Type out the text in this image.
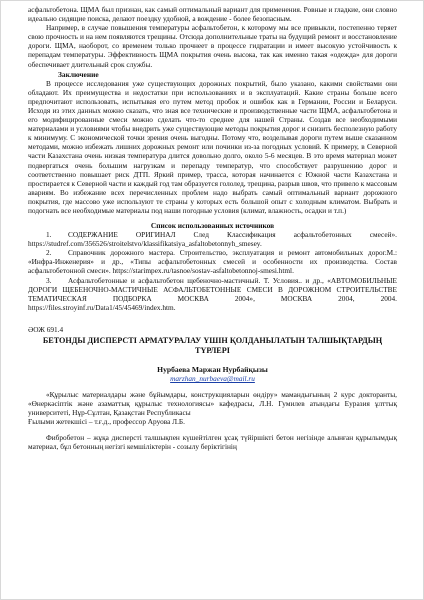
асфальтобетона. ЩМА был признан, как самый оптимальный вариант для применения. Ровные и гладкие, они словно идеально сидящие поиска, делают поездку удобной, а вождение - более безопасным.

Например, в случае повышения температуры асфальтобетон, к которому мы все привыкли, постепенно теряет свою прочность и на нем появляются трещины. Отсюда дополнительные траты на будущий ремонт и восстановление дороги. ЩМА, наоборот, со временем только прочнеет в процессе гидратации и имеет высокую устойчивость к перепадам температуры. Эффективность ЩМА покрытия очень высока, так как именно такая «одежда» для дороги обеспечивает длительный срок службы.

Заключение

В процессе исследования уже существующих дорожных покрытий, было указано, какими свойствами они обладают. Их преимущества и недостатки при использованиях и в эксплуатаций. Какие страны больше всего предпочитают использовать, испытывая его путем метод пробок и ошибок как в Германии, России и Беларуси. Исходя из этих данных можно сказать, что зная все технические и производственные части ЩМА, асфальтобетона и его модифицированные смеси можно сделать что-то среднее для нашей Страны. Создав все необходимыми материалами и условиями чтобы внедрить уже существующие методы покрытия дорог и снизить бесполезную работу к минимуму. С экономической точки зрения очень выгодны. Потому что, возделывая дороги путем выше сказанном методами, можно избежать лишних дорожных ремонт или починки из-за погодных условий. К примеру, в Северной части Казахстана очень низкая температура длится довольно долго, около 5-6 месяцев. В это время материал может подвергаться очень большим нагрузкам и перепаду температур, что способствует разрушению дорог и соответственно повышает риск ДТП. Яркий пример, трасса, которая начинается с Южной части Казахстана и простирается к Северной части и каждый год там образуется гололед, трещина, разрыв швов, что привело к массовым авариям. Во избежание всех перечисленных проблем надо выбрать самый оптимальный вариант дорожного покрытия, где массово уже используют те страны у которых есть большой опыт с холодным климатом. Выбрать и подогнать все необходимые материалы под наши погодные условия (климат, влажность, осадки и т.п.)

Список использованных источников

1. СОДЕРЖАНИЕ ОРИГИНАЛ След Классификация асфальтобетонных смесей». https://studref.com/356526/stroitelstvo/klassifikatsiya_asfaltobetonnyh_smesey.

2. Справочник дорожного мастера. Строительство, эксплуатация и ремонт автомобильных дорог.М.: «Инфра-Инженерия» и др., «Типы асфальтобетонных смесей и особенности их производства. Состав асфальтобетонной смеси». https://starimpex.ru/tasnoe/sostav-asfaltobetonnoj-smesi.html.

3. Асфальтобетонные и асфальтобетон щебеночно-мастичный. Т. Условия.. и др., «АВТОМОБИЛЬНЫЕ ДОРОГИ ЩЕБЕНОЧНО-МАСТИЧНЫЕ АСФАЛЬТОБЕТОННЫЕ СМЕСИ В ДОРОЖНОМ СТРОИТЕЛЬСТВЕ ТЕМАТИЧЕСКАЯ ПОДБОРКА МОСКВА 2004», МОСКВА 2004, 2004. https://files.stroyinf.ru/Data1/45/45469/index.htm.

ӘОЖ 691.4

БЕТОНДЫ ДИСПЕРСТІ АРМАТУРАЛАУ ҮШІН ҚОЛДАНЫЛАТЫН ТАЛШЫҚТАРДЫҢ ТҮРЛЕРІ

Нурбаева Маржан Нурбайқызы

marzhan_nurbaeva@mail.ru

«Құрылыс материалдары және бұйымдары, конструкцияларын өндіру» мамандығының 2 курс докторанты, «Өнеркәсіптік және азаматтық құрылыс технологиясы» кафедрасы, Л.Н. Гумилев атындағы Еуразия ұлттық университеті, Нұр-Сұлтан, Қазақстан Республикасы
Ғылыми жетекшісі – т.ғ.д., профессор Аруова Л.Б.

Фибробетон – жұқа дисперсті талшықпен күшейтілген ұсақ түйіршікті бетон негізінде алынған құрылымдық материал, бұл бетонның негізгі кемшіліктерін - созылу беріктігінің
